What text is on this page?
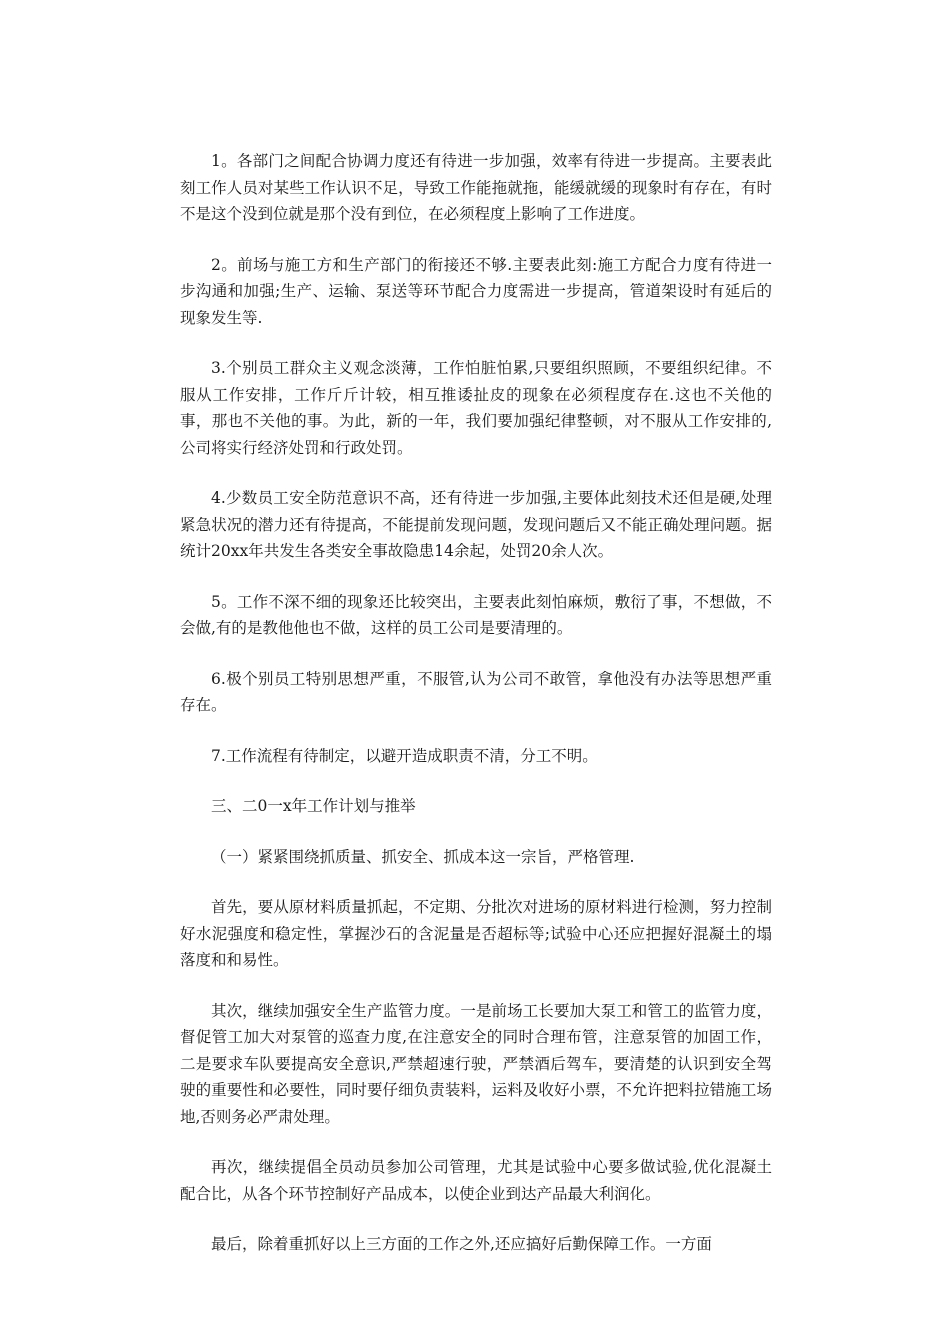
1。各部门之间配合协调力度还有待进一步加强，效率有待进一步提高。主要表此刻工作人员对某些工作认识不足，导致工作能拖就拖，能缓就缓的现象时有存在，有时不是这个没到位就是那个没有到位，在必须程度上影响了工作进度。

2。前场与施工方和生产部门的衔接还不够.主要表此刻:施工方配合力度有待进一步沟通和加强;生产、运输、泵送等环节配合力度需进一步提高，管道架设时有延后的现象发生等.

3.个别员工群众主义观念淡薄，工作怕脏怕累,只要组织照顾，不要组织纪律。不服从工作安排，工作斤斤计较，相互推诿扯皮的现象在必须程度存在.这也不关他的事，那也不关他的事。为此，新的一年，我们要加强纪律整顿，对不服从工作安排的,公司将实行经济处罚和行政处罚。

4.少数员工安全防范意识不高，还有待进一步加强,主要体此刻技术还但是硬,处理紧急状况的潜力还有待提高，不能提前发现问题，发现问题后又不能正确处理问题。据统计20xx年共发生各类安全事故隐患14余起，处罚20余人次。

5。工作不深不细的现象还比较突出，主要表此刻怕麻烦，敷衍了事，不想做，不会做,有的是教他他也不做，这样的员工公司是要清理的。

6.极个别员工特别思想严重，不服管,认为公司不敢管，拿他没有办法等思想严重存在。

7.工作流程有待制定，以避开造成职责不清，分工不明。

三、二0一x年工作计划与推举

（一）紧紧围绕抓质量、抓安全、抓成本这一宗旨，严格管理.

首先，要从原材料质量抓起，不定期、分批次对进场的原材料进行检测，努力控制好水泥强度和稳定性，掌握沙石的含泥量是否超标等;试验中心还应把握好混凝土的塌落度和和易性。

其次，继续加强安全生产监管力度。一是前场工长要加大泵工和管工的监管力度，督促管工加大对泵管的巡查力度,在注意安全的同时合理布管，注意泵管的加固工作，二是要求车队要提高安全意识,严禁超速行驶，严禁酒后驾车，要清楚的认识到安全驾驶的重要性和必要性，同时要仔细负责装料，运料及收好小票，不允许把料拉错施工场地,否则务必严肃处理。

再次，继续提倡全员动员参加公司管理，尤其是试验中心要多做试验,优化混凝土配合比，从各个环节控制好产品成本，以使企业到达产品最大利润化。

最后，除着重抓好以上三方面的工作之外,还应搞好后勤保障工作。一方面
